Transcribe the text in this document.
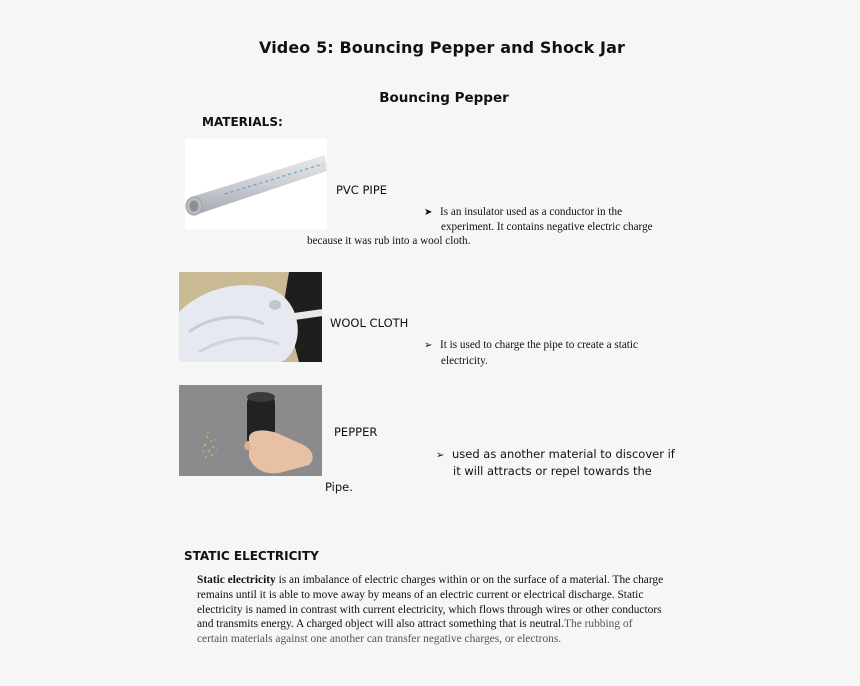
Video 5: Bouncing Pepper and Shock Jar
Bouncing Pepper
MATERIALS:
PVC PIPE
➤ Is an insulator used as a conductor in the
experiment. It contains negative electric charge
because it was rub into a wool cloth.
WOOL CLOTH
➢ It is used to charge the pipe to create a static
electricity.
PEPPER
➢ used as another material to discover if
it will attracts or repel towards the
Pipe.
STATIC ELECTRICITY
Static electricity is an imbalance of electric charges within or on the surface of a material. The charge
remains until it is able to move away by means of an electric current or electrical discharge. Static
electricity is named in contrast with current electricity, which flows through wires or other conductors
and transmits energy. A charged object will also attract something that is neutral.The rubbing of
certain materials against one another can transfer negative charges, or electrons.
